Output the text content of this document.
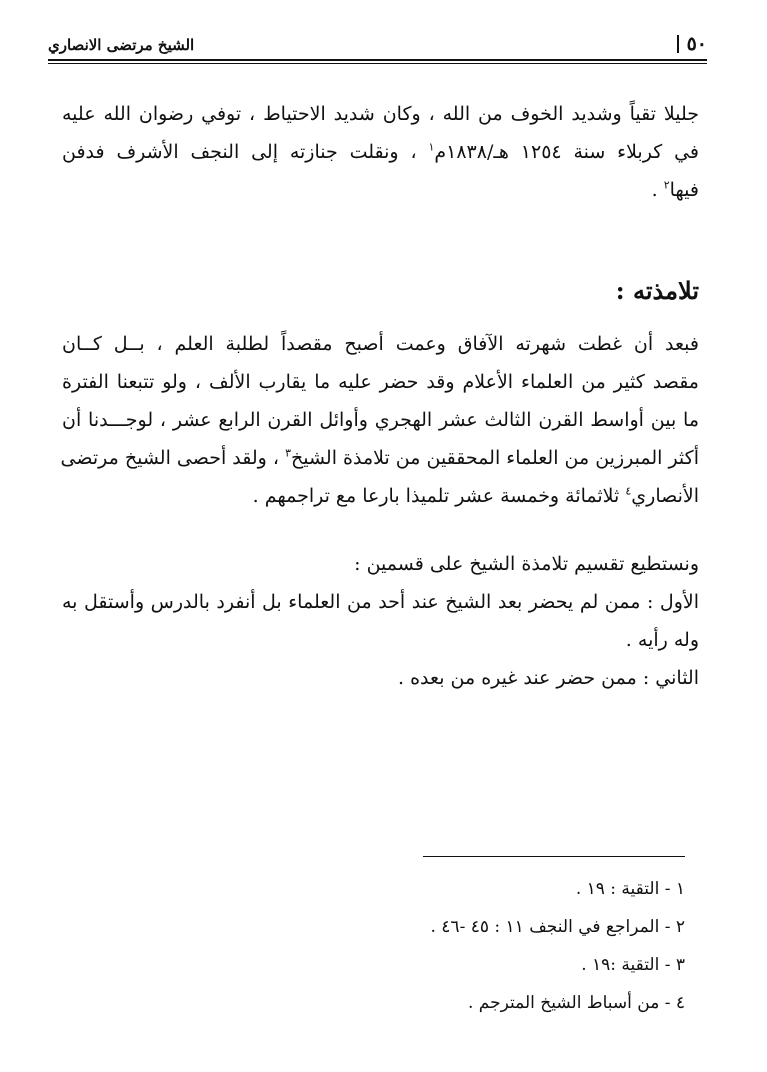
٥٠
الشيخ مرتضى الانصاري
جليلا تقياً وشديد الخوف من الله ، وكان شديد الاحتياط ، توفي رضوان الله عليه
في كربلاء سنة ١٢٥٤ هـ/١٨٣٨م$^١$ ، ونقلت جنازته إلى النجف الأشرف فدفن
فيها$^٢$ .
تلامذته :
فبعد أن غطت شهرته الآفاق وعمت أصبح مقصداً لطلبة العلم ، بــل كــان
مقصد كثير من العلماء الأعلام وقد حضر عليه ما يقارب الألف ، ولو تتبعنا الفترة
ما بين أواسط القرن الثالث عشر الهجري وأوائل القرن الرابع عشر ، لوجـــدنا أن
أكثر المبرزين من العلماء المحققين من تلامذة الشيخ$^٣$ ، ولقد أحصى الشيخ مرتضى
الأنصاري$^٤$ ثلاثمائة وخمسة عشر تلميذا بارعا مع تراجمهم .
ونستطيع تقسيم تلامذة الشيخ على قسمين :
الأول : ممن لم يحضر بعد الشيخ عند أحد من العلماء بل أنفرد بالدرس وأستقل به
وله رأيه .
الثاني : ممن حضر عند غيره من بعده .
١ - التقية : ١٩ .
٢ - المراجع في النجف ١١ : ٤٥ -٤٦ .
٣ - التقية :١٩ .
٤ - من أسباط الشيخ المترجم .
